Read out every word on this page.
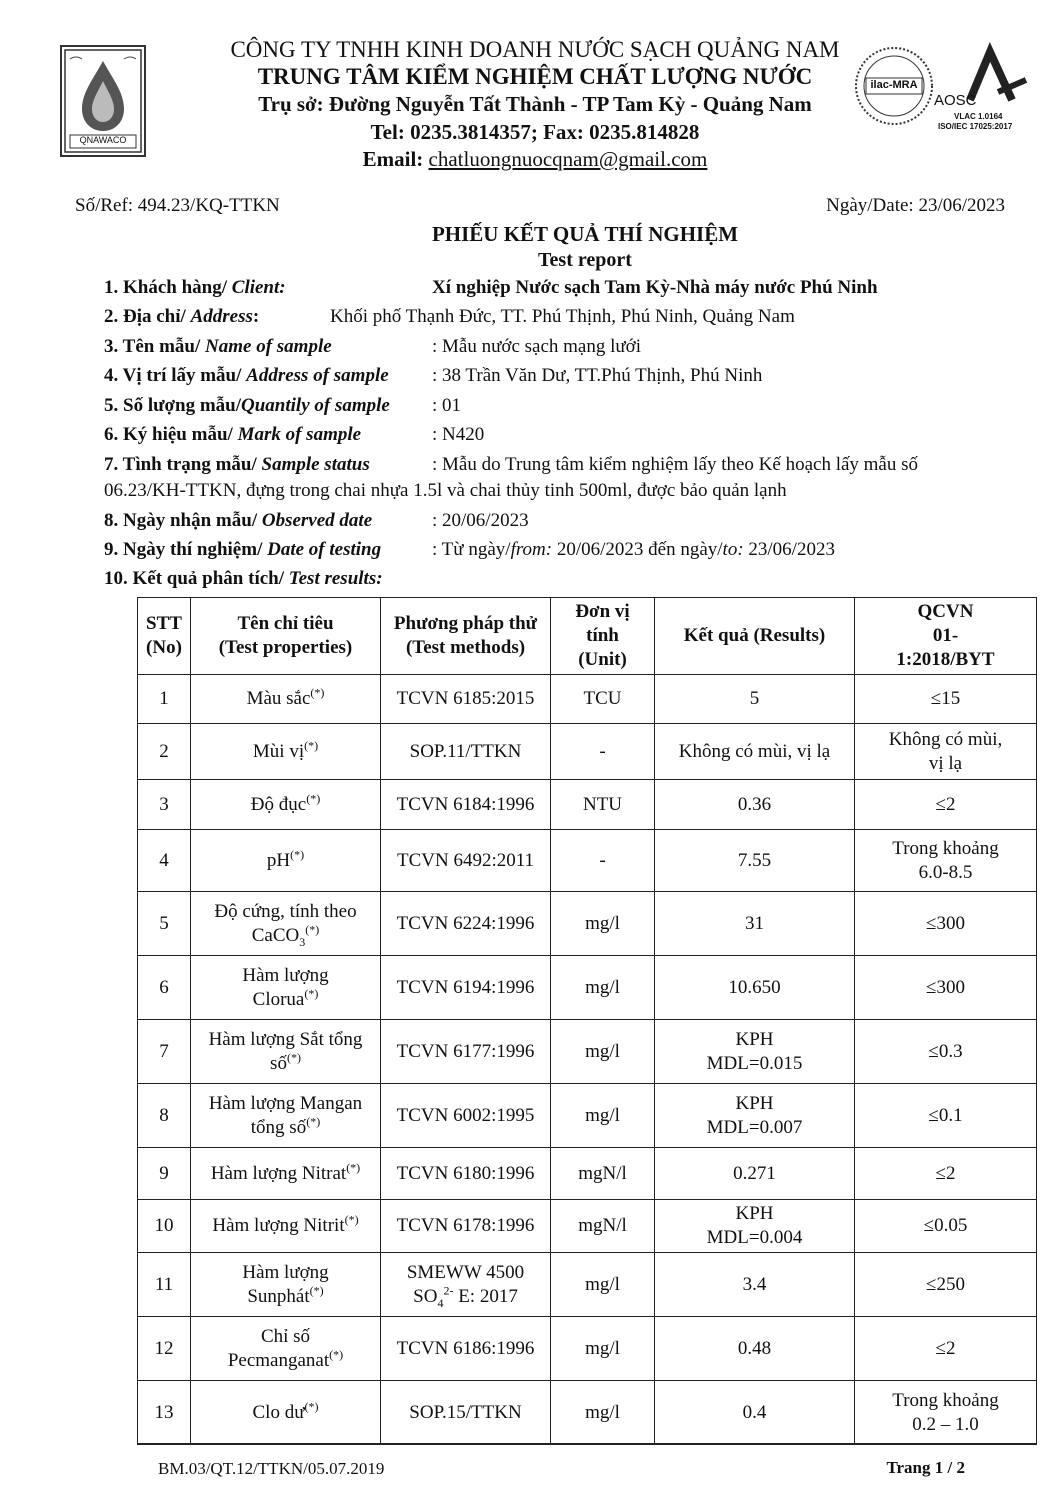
QNAWACO
ilac-MRA
AOSC
VLAC 1.0164
ISO/IEC 17025:2017
CÔNG TY TNHH KINH DOANH NƯỚC SẠCH QUẢNG NAM
TRUNG TÂM KIỂM NGHIỆM CHẤT LƯỢNG NƯỚC
Trụ sở: Đường Nguyễn Tất Thành - TP Tam Kỳ - Quảng Nam
Tel: 0235.3814357; Fax: 0235.814828
Email: chatluongnuocqnam@gmail.com
Số/Ref: 494.23/KQ-TTKN	Ngày/Date: 23/06/2023
PHIẾU KẾT QUẢ THÍ NGHIỆM
Test report
1. Khách hàng/ Client:	Xí nghiệp Nước sạch Tam Kỳ-Nhà máy nước Phú Ninh
2. Địa chỉ/ Address:	Khối phố Thạnh Đức, TT. Phú Thịnh, Phú Ninh, Quảng Nam
3. Tên mẫu/ Name of sample	: Mẫu nước sạch mạng lưới
4. Vị trí lấy mẫu/ Address of sample : 38 Trần Văn Dư, TT.Phú Thịnh, Phú Ninh
5. Số lượng mẫu/Quantily of sample : 01
6. Ký hiệu mẫu/ Mark of sample	: N420
7. Tình trạng mẫu/ Sample status	: Mẫu do Trung tâm kiểm nghiệm lấy theo Kế hoạch lấy mẫu số
06.23/KH-TTKN, đựng trong chai nhựa 1.5l và chai thủy tinh 500ml, được bảo quản lạnh
8. Ngày nhận mẫu/ Observed date	: 20/06/2023
9. Ngày thí nghiệm/ Date of testing	: Từ ngày/from: 20/06/2023 đến ngày/to: 23/06/2023
10. Kết quả phân tích/ Test results:
STT
(No)	Tên chỉ tiêu
(Test properties)	Phương pháp thử
(Test methods)	Đơn vị
tính
(Unit)	Kết quả (Results)	QCVN
01-
1:2018/BYT
1	Màu sắc(*)	TCVN 6185:2015	TCU	5	≤15
2	Mùi vị(*)	SOP.11/TTKN	-	Không có mùi, vị lạ	Không có mùi,
vị lạ
3	Độ đục(*)	TCVN 6184:1996	NTU	0.36	≤2
4	pH(*)	TCVN 6492:2011	-	7.55	Trong khoảng
6.0-8.5
5	Độ cứng, tính theo
CaCO$_3$(*)	TCVN 6224:1996	mg/l	31	≤300
6	Hàm lượng
Clorua(*)	TCVN 6194:1996	mg/l	10.650	≤300
7	Hàm lượng Sắt tổng
số(*)	TCVN 6177:1996	mg/l	KPH
MDL=0.015	≤0.3
8	Hàm lượng Mangan
tổng số(*)	TCVN 6002:1995	mg/l	KPH
MDL=0.007	≤0.1
9	Hàm lượng Nitrat(*)	TCVN 6180:1996	mgN/l	0.271	≤2
10	Hàm lượng Nitrit(*)	TCVN 6178:1996	mgN/l	KPH
MDL=0.004	≤0.05
11	Hàm lượng
Sunphát(*)	SMEWW 4500
$SO_4^{2-}$ E: 2017	mg/l	3.4	≤250
12	Chỉ số
Pecmanganat(*)	TCVN 6186:1996	mg/l	0.48	≤2
13	Clo dư(*)	SOP.15/TTKN	mg/l	0.4	Trong khoảng
0.2 – 1.0
BM.03/QT.12/TTKN/05.07.2019	Trang 1 / 2
